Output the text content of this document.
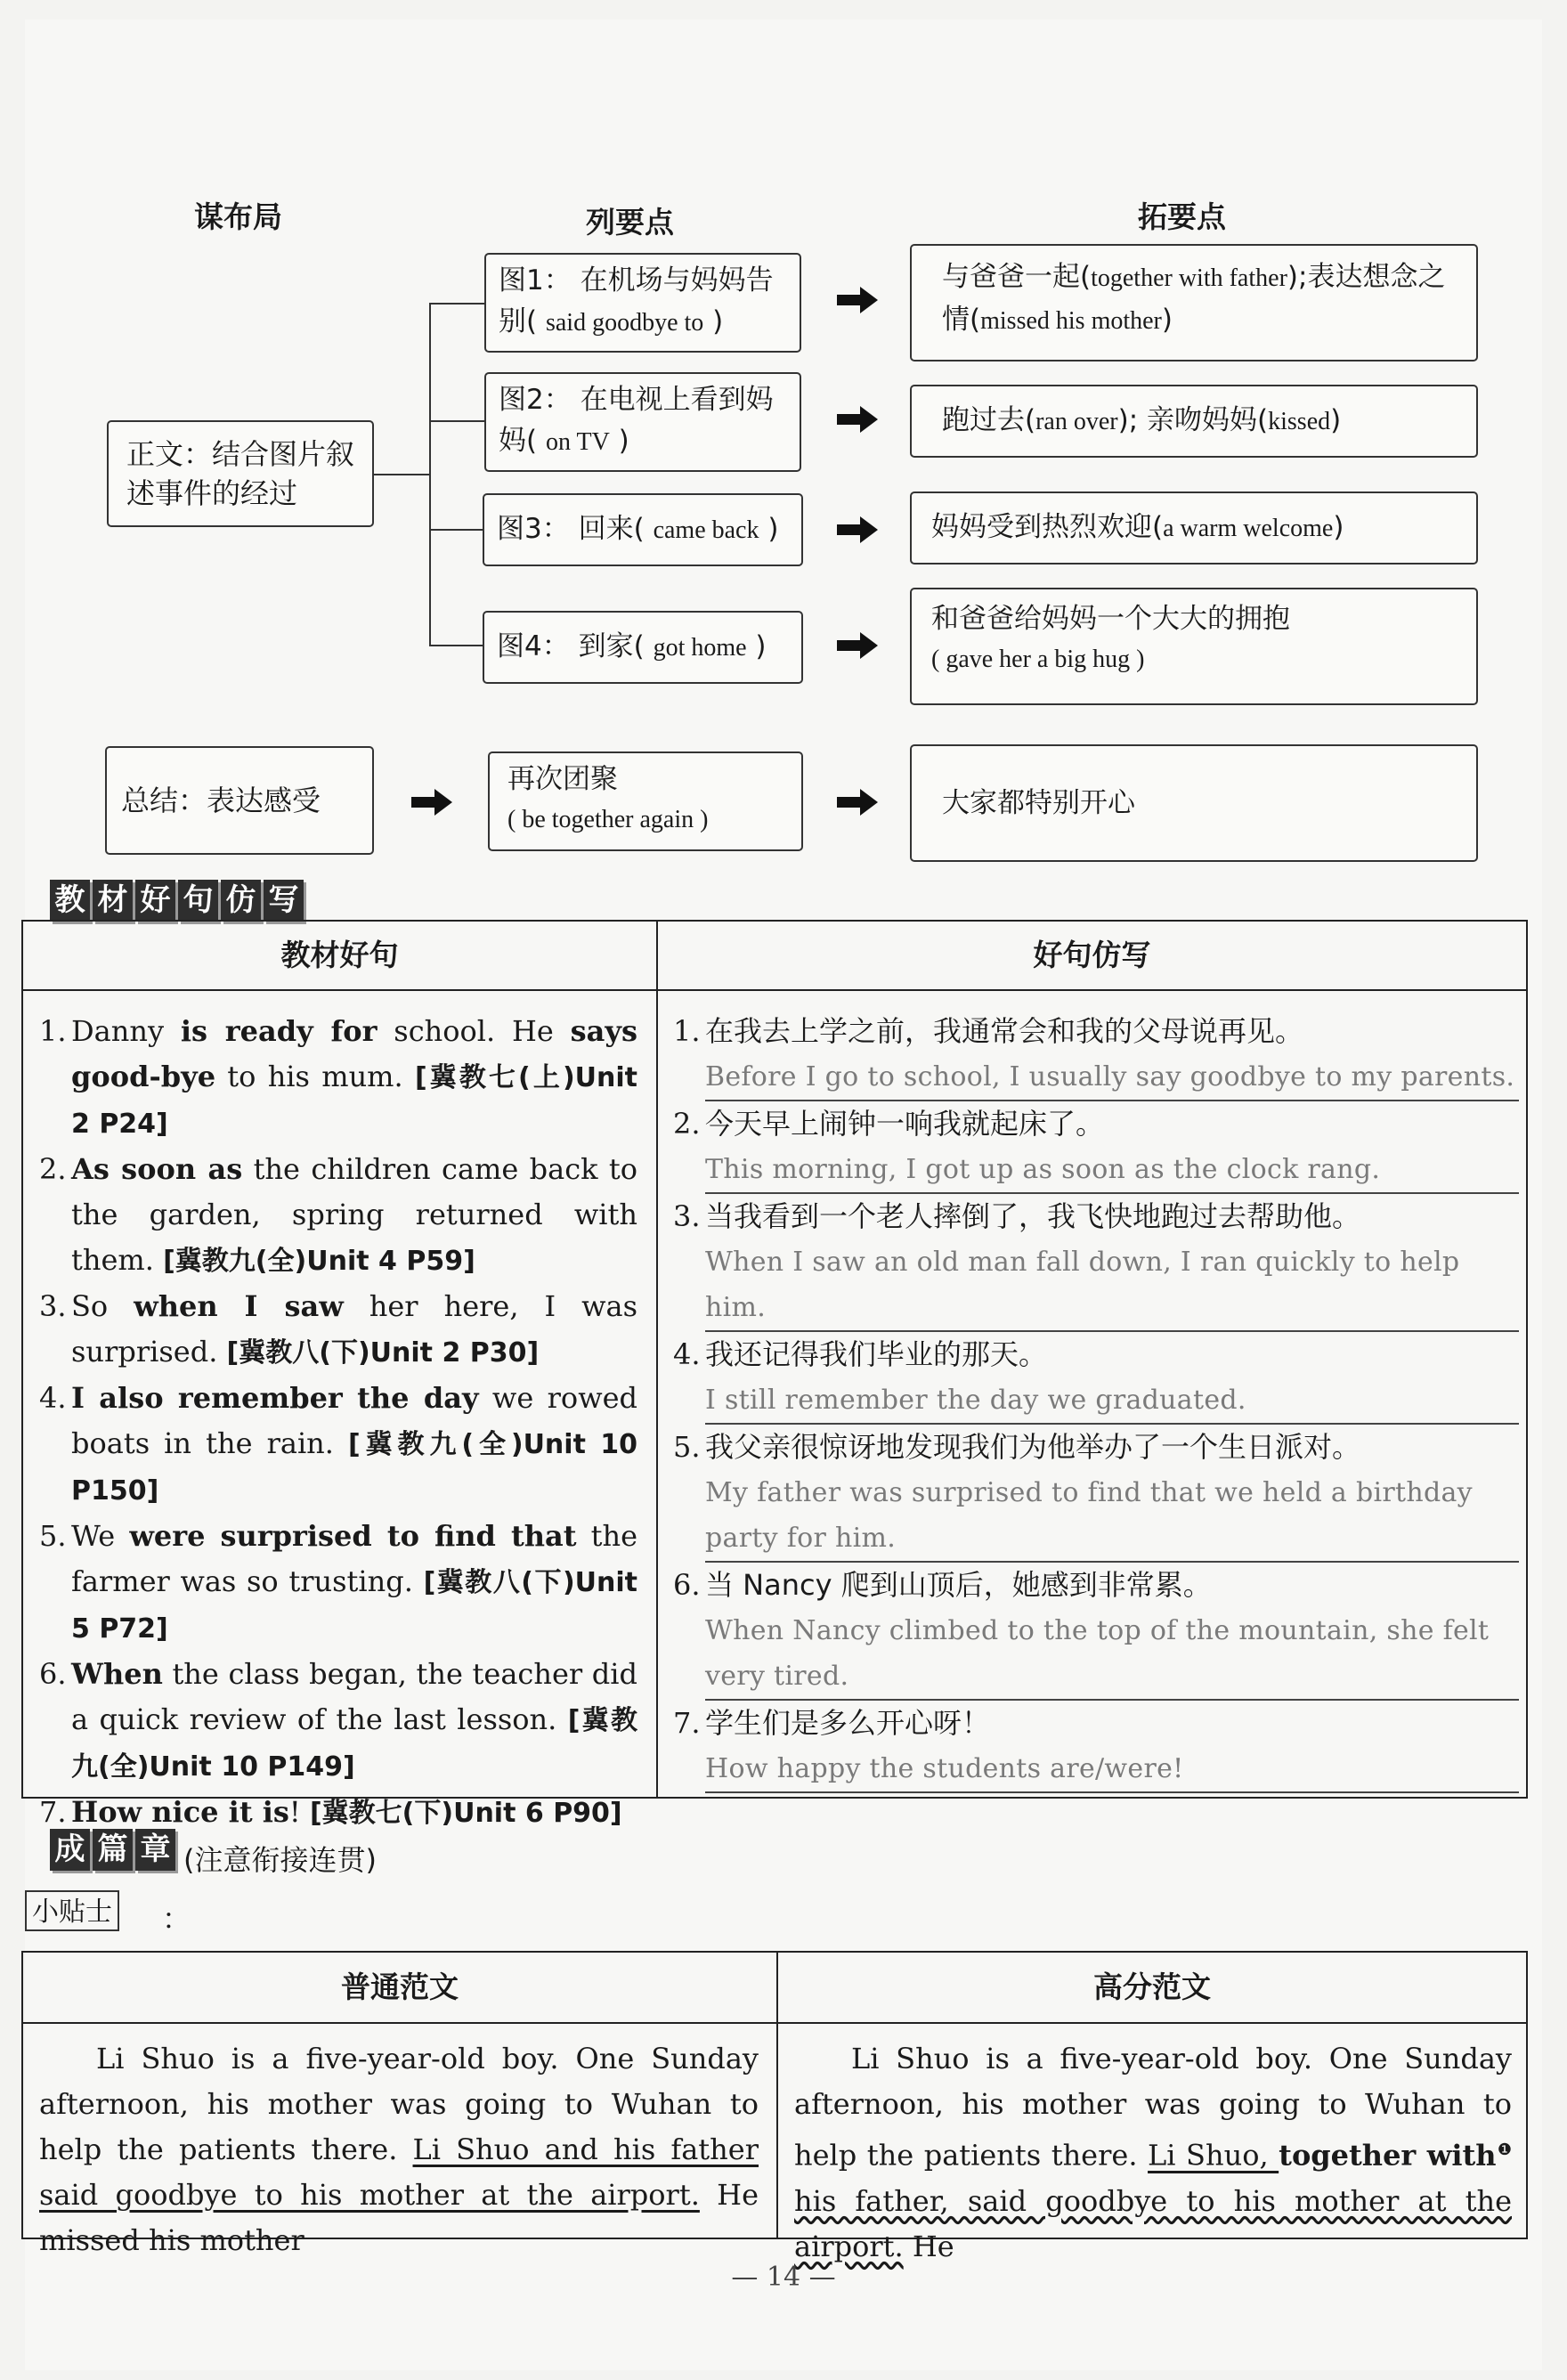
谋布局	列要点	拓要点
正文：结合图片叙述事件的经过
图1： 在机场与妈妈告别( said goodbye to )
图2： 在电视上看到妈妈( on TV )
图3： 回来( came back )
图4： 到家( got home )
与爸爸一起(together with father);表达想念之情(missed his mother)
跑过去(ran over); 亲吻妈妈(kissed)
妈妈受到热烈欢迎(a warm welcome)
和爸爸给妈妈一个大大的拥抱
( gave her a big hug )
总结：表达感受
再次团聚
( be together again )
大家都特别开心
教 材 好 句 仿 写
教材好句	好句仿写
1. Danny is ready for school. He says good-bye to his mum. [冀教七(上)Unit 2 P24]
2. As soon as the children came back to the garden, spring returned with them. [冀教九(全)Unit 4 P59]
3. So when I saw her here, I was surprised. [冀教八(下)Unit 2 P30]
4. I also remember the day we rowed boats in the rain. [冀教九(全)Unit 10 P150]
5. We were surprised to find that the farmer was so trusting. [冀教八(下)Unit 5 P72]
6. When the class began, the teacher did a quick review of the last lesson. [冀教九(全)Unit 10 P149]
7. How nice it is! [冀教七(下)Unit 6 P90]
1. 在我去上学之前，我通常会和我的父母说再见。
Before I go to school, I usually say goodbye to my parents.
2. 今天早上闹钟一响我就起床了。
This morning, I got up as soon as the clock rang.
3. 当我看到一个老人摔倒了，我飞快地跑过去帮助他。
When I saw an old man fall down, I ran quickly to help him.
4. 我还记得我们毕业的那天。
I still remember the day we graduated.
5. 我父亲很惊讶地发现我们为他举办了一个生日派对。
My father was surprised to find that we held a birthday party for him.
6. 当 Nancy 爬到山顶后，她感到非常累。
When Nancy climbed to the top of the mountain, she felt very tired.
7. 学生们是多么开心呀！
How happy the students are/were!
成 篇 章 (注意衔接连贯)
小贴士 ：
普通范文	高分范文
Li Shuo is a five-year-old boy. One Sunday afternoon, his mother was going to Wuhan to help the patients there. Li Shuo and his father said goodbye to his mother at the airport. He missed his mother
Li Shuo is a five-year-old boy. One Sunday afternoon, his mother was going to Wuhan to help the patients there. Li Shuo, together with$^❶$ his father, said goodbye to his mother at the airport. He
— 14 —
